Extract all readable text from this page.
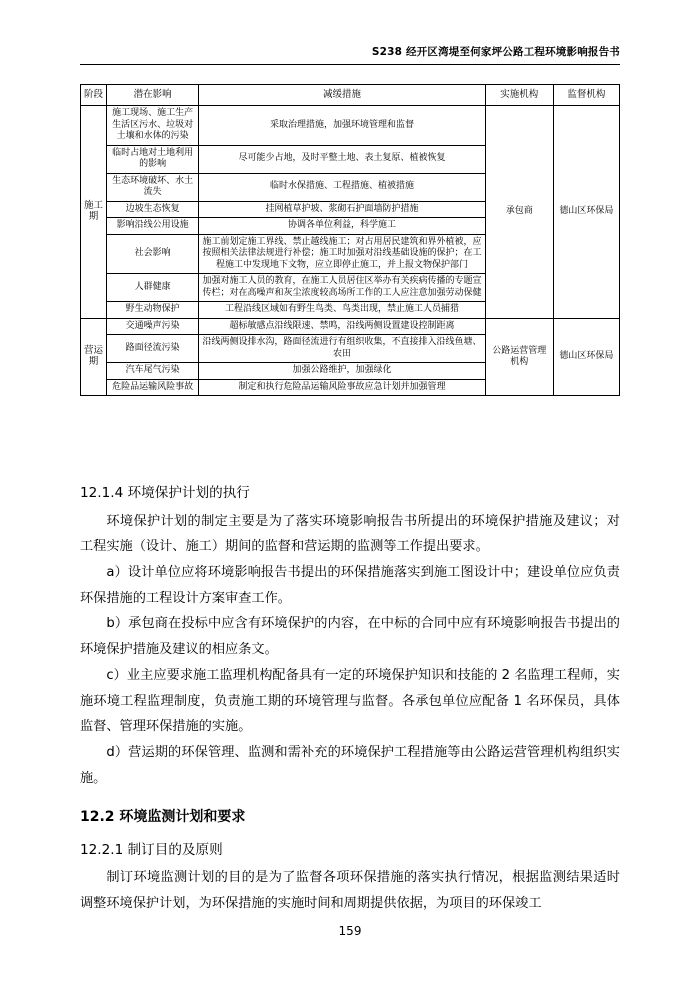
S238 经开区湾堤至何家坪公路工程环境影响报告书
阶段	潜在影响	减缓措施	实施机构	监督机构
施工期	施工现场、施工生产生活区污水、垃圾对土壤和水体的污染	采取治理措施，加强环境管理和监督	承包商	德山区环保局
	临时占地对土地利用的影响	尽可能少占地，及时平整土地、表土复原、植被恢复		
	生态环境破坏、水土流失	临时水保措施、工程措施、植被措施		
	边坡生态恢复	挂网植草护坡、浆砌石护面墙防护措施		
	影响沿线公用设施	协调各单位利益，科学施工		
	社会影响	施工前划定施工界线、禁止越线施工；对占用居民建筑和界外植被，应按照相关法律法规进行补偿；施工时加强对沿线基础设施的保护；在工程施工中发现地下文物，应立即停止施工，并上报文物保护部门		
	人群健康	加强对施工人员的教育，在施工人员居住区举办有关疾病传播的专题宣传栏；对在高噪声和灰尘浓度较高场所工作的工人应注意加强劳动保健		
	野生动物保护	工程沿线区域如有野生鸟类、鸟类出现，禁止施工人员捕猎		
营运期	交通噪声污染	超标敏感点沿线限速、禁鸣，沿线两侧设置建设控制距离	公路运营管理机构	德山区环保局
	路面径流污染	沿线两侧设排水沟，路面径流进行有组织收集，不直接排入沿线鱼塘、农田		
	汽车尾气污染	加强公路维护，加强绿化		
	危险品运输风险事故	制定和执行危险品运输风险事故应急计划并加强管理		
12.1.4 环境保护计划的执行

环境保护计划的制定主要是为了落实环境影响报告书所提出的环境保护措施及建议；对工程实施（设计、施工）期间的监督和营运期的监测等工作提出要求。

a）设计单位应将环境影响报告书提出的环保措施落实到施工图设计中；建设单位应负责环保措施的工程设计方案审查工作。

b）承包商在投标中应含有环境保护的内容，在中标的合同中应有环境影响报告书提出的环境保护措施及建议的相应条文。

c）业主应要求施工监理机构配备具有一定的环境保护知识和技能的 2 名监理工程师，实施环境工程监理制度，负责施工期的环境管理与监督。各承包单位应配备 1 名环保员，具体监督、管理环保措施的实施。

d）营运期的环保管理、监测和需补充的环境保护工程措施等由公路运营管理机构组织实施。

12.2 环境监测计划和要求
12.2.1 制订目的及原则

制订环境监测计划的目的是为了监督各项环保措施的落实执行情况，根据监测结果适时调整环境保护计划，为环保措施的实施时间和周期提供依据，为项目的环保竣工

159
